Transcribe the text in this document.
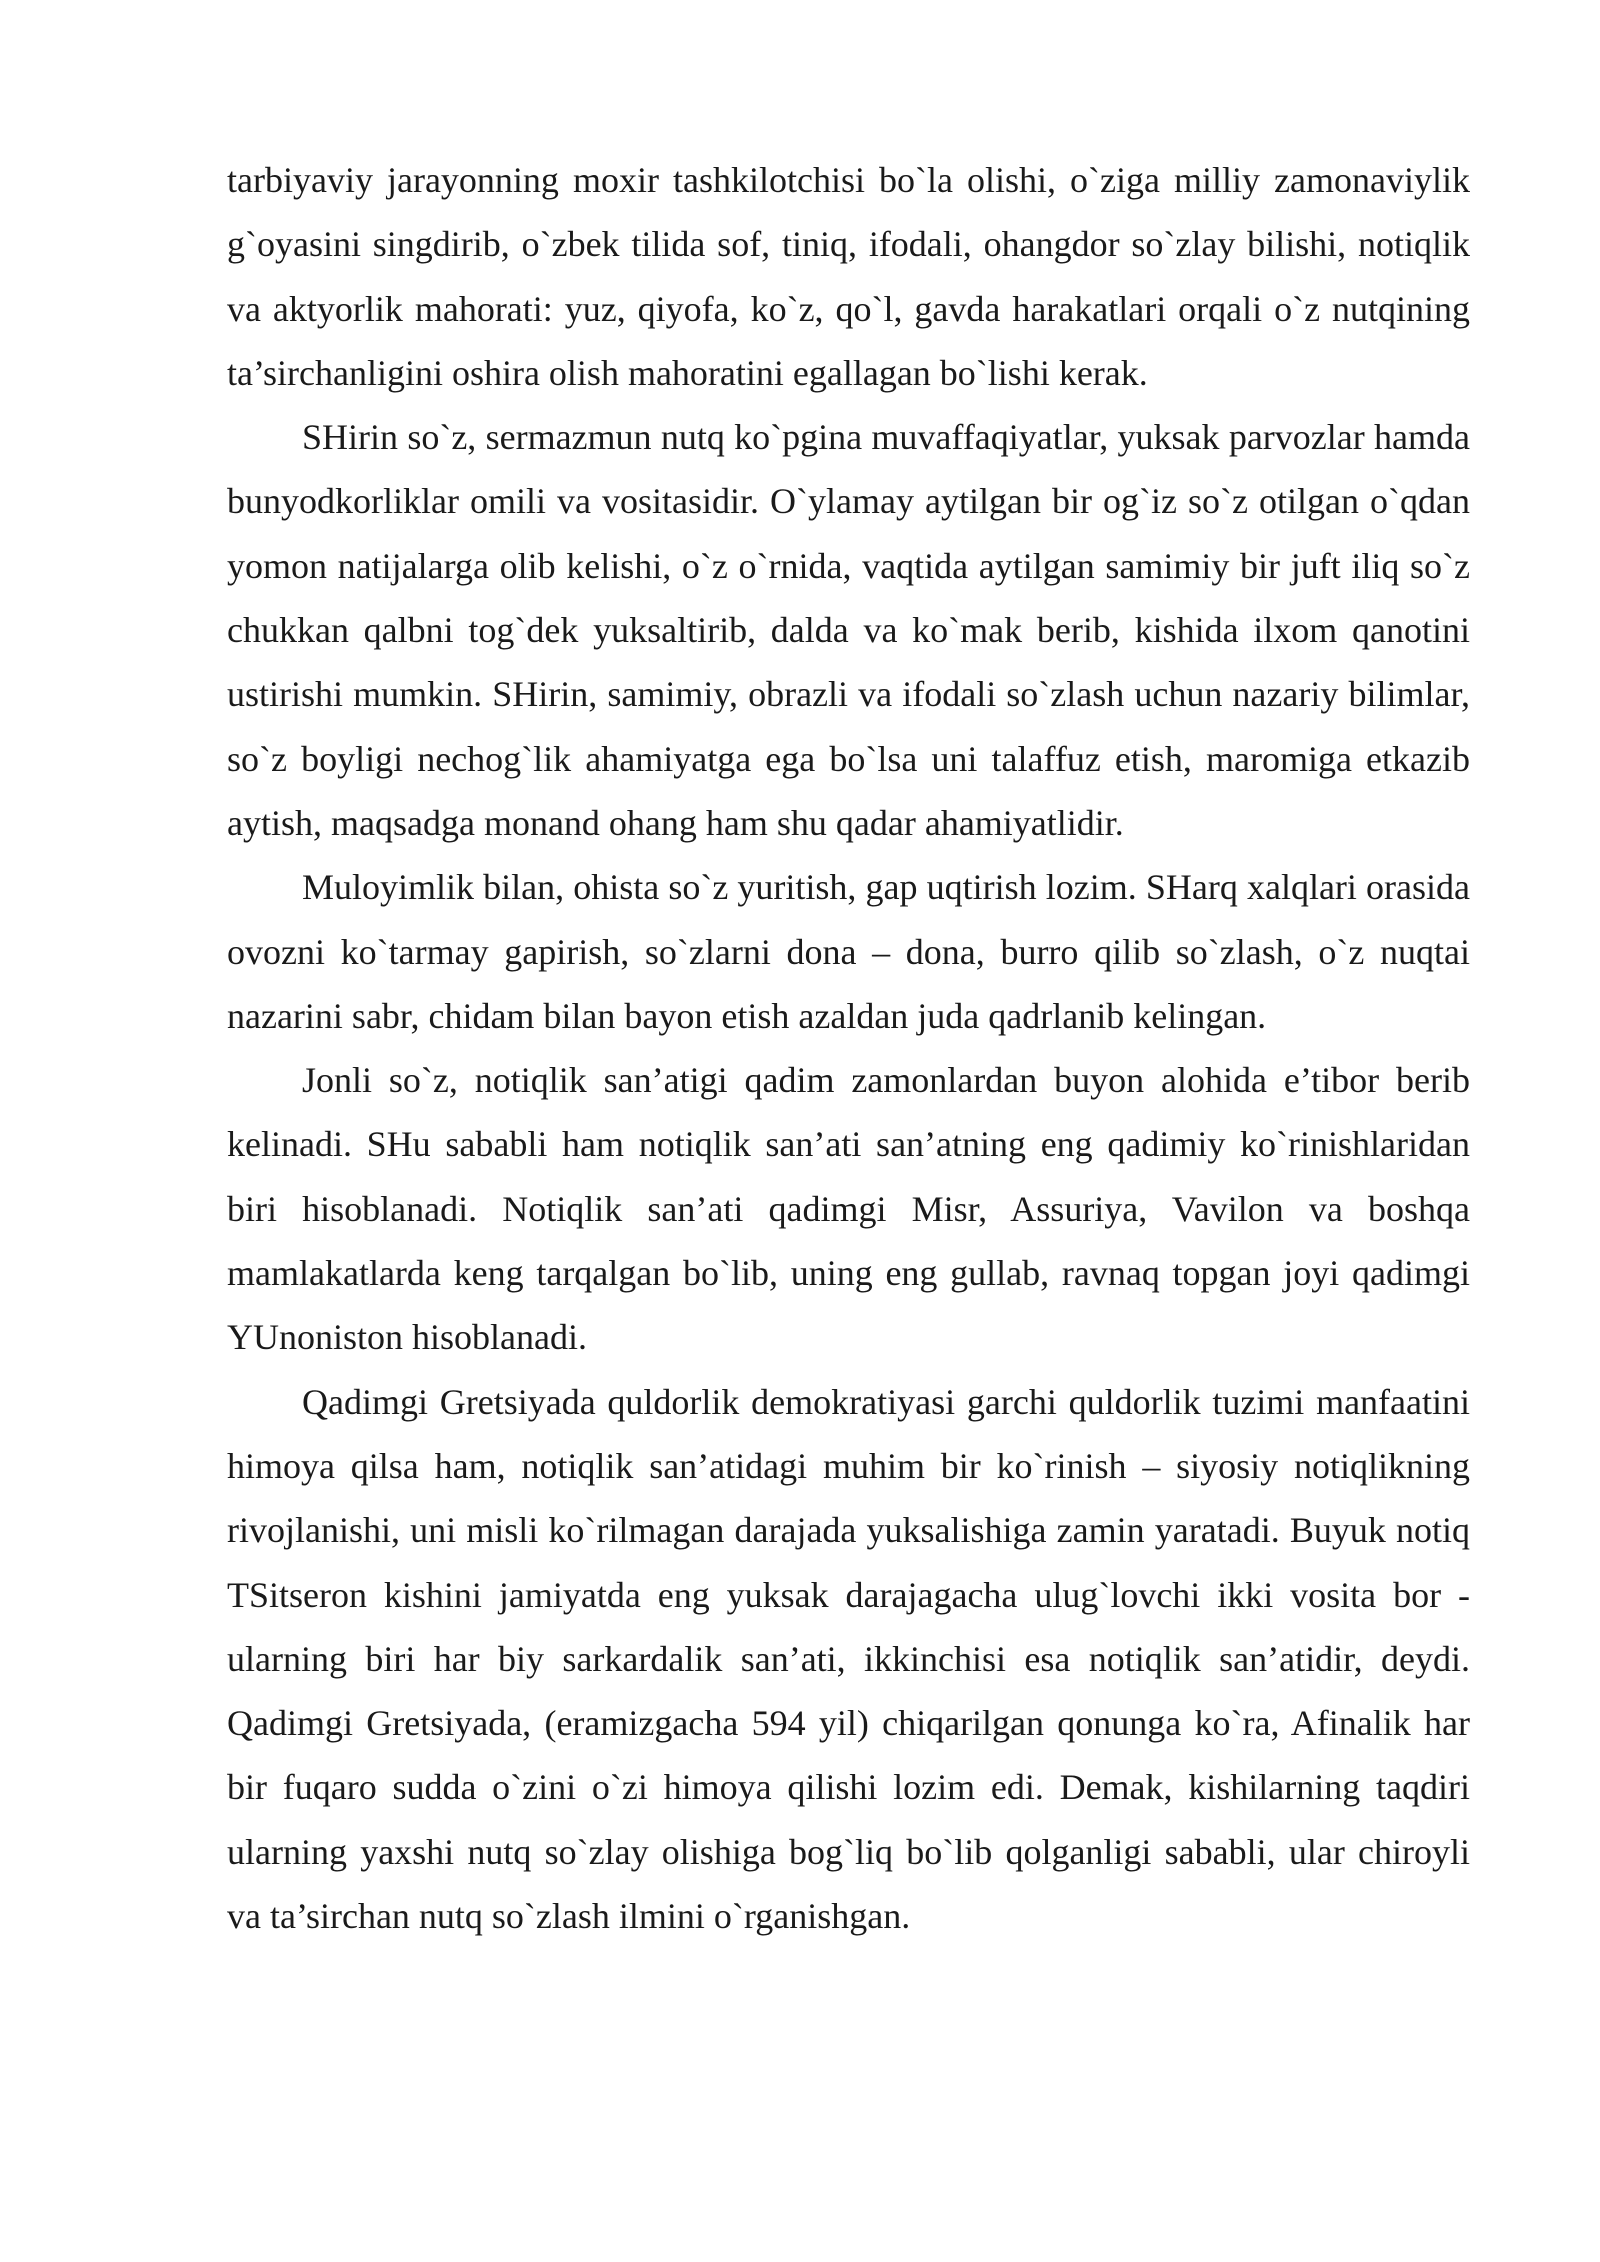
tarbiyaviy jarayonning moxir tashkilotchisi bo`la olishi, o`ziga milliy zamonaviylik g`oyasini singdirib, o`zbek tilida sof, tiniq, ifodali, ohangdor so`zlay bilishi, notiqlik va aktyorlik mahorati: yuz, qiyofa, ko`z, qo`l, gavda harakatlari orqali o`z nutqining ta’sirchanligini oshira olish mahoratini egallagan bo`lishi kerak.

SHirin so`z, sermazmun nutq ko`pgina muvaffaqiyatlar, yuksak parvozlar hamda bunyodkorliklar omili va vositasidir. O`ylamay aytilgan bir og`iz so`z otilgan o`qdan yomon natijalarga olib kelishi, o`z o`rnida, vaqtida aytilgan samimiy bir juft iliq so`z chukkan qalbni tog`dek yuksaltirib, dalda va ko`mak berib, kishida ilxom qanotini ustirishi mumkin. SHirin, samimiy, obrazli va ifodali so`zlash uchun nazariy bilimlar, so`z boyligi nechog`lik ahamiyatga ega bo`lsa uni talaffuz etish, maromiga etkazib aytish, maqsadga monand ohang ham shu qadar ahamiyatlidir.

Muloyimlik bilan, ohista so`z yuritish, gap uqtirish lozim. SHarq xalqlari orasida ovozni ko`tarmay gapirish, so`zlarni dona – dona, burro qilib so`zlash, o`z nuqtai nazarini sabr, chidam bilan bayon etish azaldan juda qadrlanib kelingan.

Jonli so`z, notiqlik san’atigi qadim zamonlardan buyon alohida e’tibor berib kelinadi. SHu sababli ham notiqlik san’ati san’atning eng qadimiy ko`rinishlaridan biri hisoblanadi. Notiqlik san’ati qadimgi Misr, Assuriya, Vavilon va boshqa mamlakatlarda keng tarqalgan bo`lib, uning eng gullab, ravnaq topgan joyi qadimgi YUnoniston hisoblanadi.

Qadimgi Gretsiyada quldorlik demokratiyasi garchi quldorlik tuzimi manfaatini himoya qilsa ham, notiqlik san’atidagi muhim bir ko`rinish – siyosiy notiqlikning rivojlanishi, uni misli ko`rilmagan darajada yuksalishiga zamin yaratadi. Buyuk notiq TSitseron kishini jamiyatda eng yuksak darajagacha ulug`lovchi ikki vosita bor - ularning biri har biy sarkardalik san’ati, ikkinchisi esa notiqlik san’atidir, deydi. Qadimgi Gretsiyada, (eramizgacha 594 yil) chiqarilgan qonunga ko`ra, Afinalik har bir fuqaro sudda o`zini o`zi himoya qilishi lozim edi. Demak, kishilarning taqdiri ularning yaxshi nutq so`zlay olishiga bog`liq bo`lib qolganligi sababli, ular chiroyli va ta’sirchan nutq so`zlash ilmini o`rganishgan.
